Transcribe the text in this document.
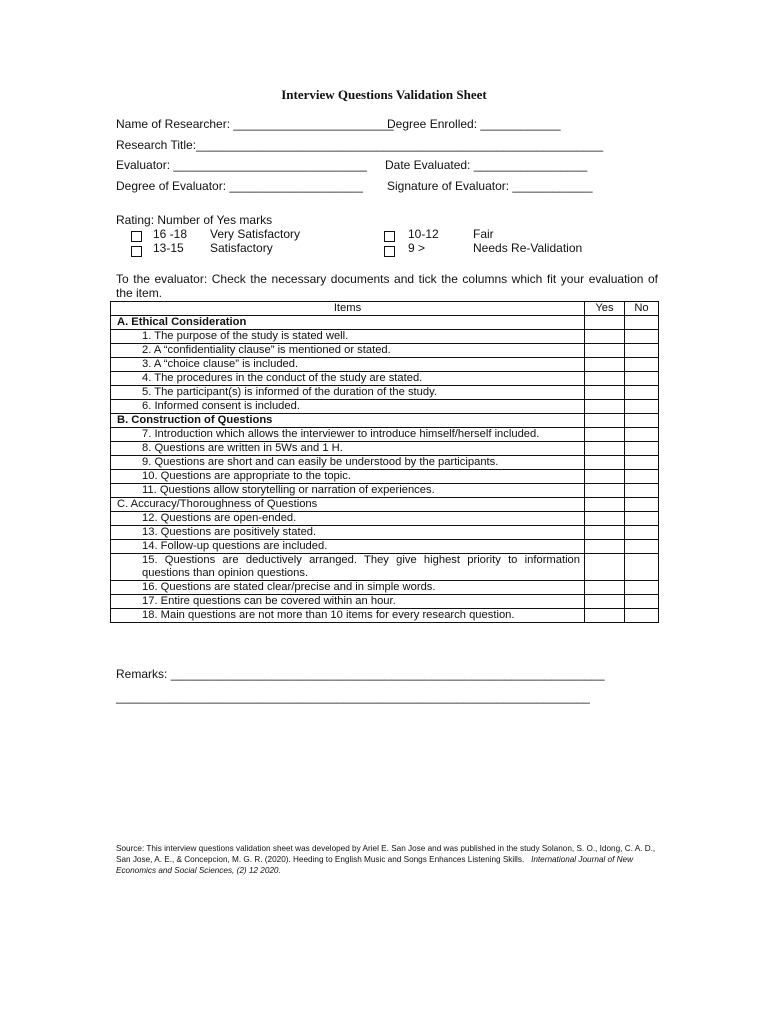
Interview Questions Validation Sheet
Name of Researcher: ________________________
Degree Enrolled: ____________
Research Title:_____________________________________________________________
Evaluator: _____________________________ Date Evaluated: _________________
Degree of Evaluator: ____________________ Signature of Evaluator: ____________
Rating: Number of Yes marks
16 -18 Very Satisfactory
13-15 Satisfactory
10-12	Fair
9 >	Needs Re-Validation
To the evaluator: Check the necessary documents and tick the columns which fit your evaluation of the item.
Items	Yes	No
A. Ethical Consideration		
1. The purpose of the study is stated well.		
2. A “confidentiality clause” is mentioned or stated.		
3. A “choice clause” is included.		
4. The procedures in the conduct of the study are stated.		
5. The participant(s) is informed of the duration of the study.		
6. Informed consent is included.		
B. Construction of Questions		
7. Introduction which allows the interviewer to introduce himself/herself included.		
8. Questions are written in 5Ws and 1 H.		
9. Questions are short and can easily be understood by the participants.		
10. Questions are appropriate to the topic.		
11. Questions allow storytelling or narration of experiences.		
C. Accuracy/Thoroughness of Questions		
12. Questions are open-ended.		
13. Questions are positively stated.		
14. Follow-up questions are included.		
15. Questions are deductively arranged. They give highest priority to information questions than opinion questions.		
16. Questions are stated clear/precise and in simple words.		
17. Entire questions can be covered within an hour.		
18. Main questions are not more than 10 items for every research question.		
Remarks: _________________________________________________________________
_______________________________________________________________________
Source: This interview questions validation sheet was developed by Ariel E. San Jose and was published in the study Solanon, S. O., Idong, C. A. D., San Jose, A. E., & Concepcion, M. G. R. (2020). Heeding to English Music and Songs Enhances Listening Skills. International Journal of New Economics and Social Sciences, (2) 12 2020.
